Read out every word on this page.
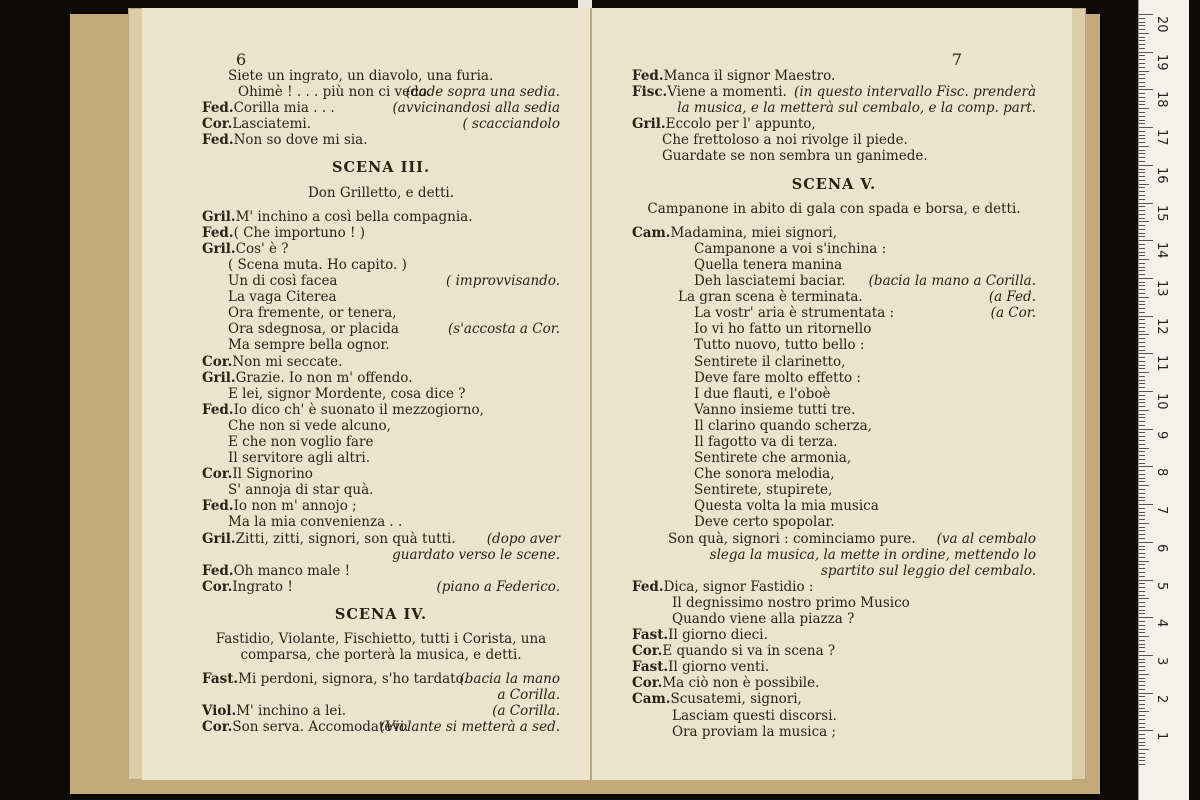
6
Siete un ingrato, un diavolo, una furia.
Ohimè ! . . . più non ci vedo.
(cade sopra una sedia.
Fed.Corilla mia . . .	(avvicinandosi alla sedia
Cor.Lasciatemi.	( scacciandolo
Fed.Non so dove mi sia.
SCENA III.
Don Grilletto, e detti.
Gril.M' inchino a così bella compagnia.
Fed.( Che importuno ! )
Gril.Cos' è ?
( Scena muta. Ho capito. )
Un di così facea	( improvvisando.
La vaga Citerea
Ora fremente, or tenera,
Ora sdegnosa, or placida	(s'accosta a Cor.
Ma sempre bella ognor.
Cor.Non mi seccate.
Gril.Grazie. Io non m' offendo.
E lei, signor Mordente, cosa dice ?
Fed.Io dico ch' è suonato il mezzogiorno,
Che non si vede alcuno,
E che non voglio fare
Il servitore agli altri.
Cor.Il Signorino
S' annoja di star quà.
Fed.Io non m' annojo ;
Ma la mia convenienza . .
Gril.Zitti, zitti, signori, son quà tutti. (dopo aver
guardato verso le scene.
Fed.Oh manco male !
Cor.Ingrato !	(piano a Federico.
SCENA IV.
Fastidio, Violante, Fischietto, tutti i Corista, una
comparsa, che porterà la musica, e detti.
Fast.Mi perdoni, signora, s'ho tardato.
(bacia la mano
a Corilla.
Viol.M' inchino a lei.	(a Corilla.
Cor.Son serva. Accomodatevi.
(Violante si metterà a sed.
7
Fed.Manca il signor Maestro.
Fisc.Viene a momenti. (in questo intervallo Fisc. prenderà
la musica, e la metterà sul cembalo, e la comp. part.
Gril.Eccolo per l' appunto,
Che frettoloso a noi rivolge il piede.
Guardate se non sembra un ganimede.
SCENA V.
Campanone in abito di gala con spada e borsa, e detti.
Cam.Madamina, miei signori,
Campanone a voi s'inchina :
Quella tenera manina
Deh lasciatemi baciar. (bacia la mano a Corilla.
La gran scena è terminata.	(a Fed.
La vostr' aria è strumentata :	(a Cor.
Io vi ho fatto un ritornello
Tutto nuovo, tutto bello :
Sentirete il clarinetto,
Deve fare molto effetto :
I due flauti, e l'oboè
Vanno insieme tutti tre.
Il clarino quando scherza,
Il fagotto va di terza.
Sentirete che armonia,
Che sonora melodia,
Sentirete, stupirete,
Questa volta la mia musica
Deve certo spopolar.
Son quà, signori : cominciamo pure. (va al cembalo
slega la musica, la mette in ordine, mettendo lo
spartito sul leggio del cembalo.
Fed.Dica, signor Fastidio :
Il degnissimo nostro primo Musico
Quando viene alla piazza ?
Fast.Il giorno dieci.
Cor.E quando si va in scena ?
Fast.Il giorno venti.
Cor.Ma ciò non è possibile.
Cam.Scusatemi, signori,
Lasciam questi discorsi.
Ora proviam la musica ;
20
19
18
17
16
15
14
13
12
11
10
9
8
7
6
5
4
3
2
1
